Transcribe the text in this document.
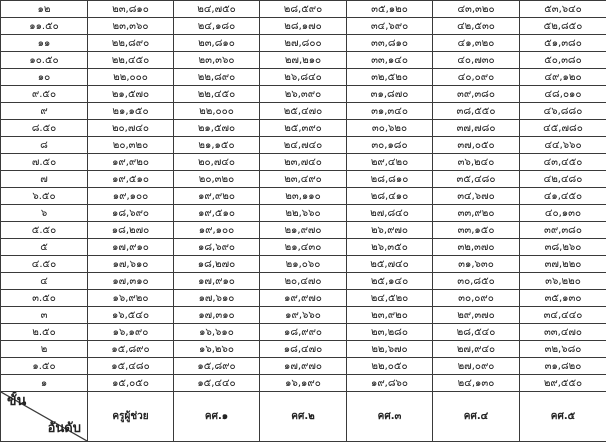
๑๒	๒๓,๘๑๐	๒๔,๗๕๐	๒๘,๕๙๐	๓๕,๑๒๐	๔๓,๓๒๐	๕๓,๖๔๐
๑๑.๕๐	๒๓,๓๖๐	๒๔,๑๘๐	๒๘,๑๗๐	๓๔,๖๙๐	๔๒,๕๓๐	๕๒,๘๕๐
๑๑	๒๒,๘๙๐	๒๓,๘๑๐	๒๗,๘๐๐	๓๓,๘๑๐	๔๑,๓๒๐	๕๑,๓๘๐
๑๐.๕๐	๒๒,๔๕๐	๒๓,๓๖๐	๒๗,๒๑๐	๓๓,๑๔๐	๔๐,๗๓๐	๕๐,๓๘๐
๑๐	๒๒,๐๐๐	๒๒,๘๙๐	๒๖,๘๔๐	๓๒,๕๒๐	๔๐,๐๙๐	๔๙,๑๒๐
๙.๕๐	๒๑,๕๗๐	๒๒,๔๕๐	๒๖,๓๙๐	๓๑,๘๗๐	๓๙,๓๘๐	๔๘,๐๑๐
๙	๒๑,๑๕๐	๒๒,๐๐๐	๒๕,๔๗๐	๓๑,๓๔๐	๓๘,๕๕๐	๔๖,๘๘๐
๘.๕๐	๒๐,๗๔๐	๒๑,๕๗๐	๒๕,๓๙๐	๓๐,๖๒๐	๓๗,๗๘๐	๔๕,๗๘๐
๘	๒๐,๓๒๐	๒๑,๑๕๐	๒๔,๗๔๐	๓๐,๑๘๐	๓๗,๐๕๐	๔๔,๖๖๐
๗.๕๐	๑๙,๙๒๐	๒๐,๗๔๐	๒๓,๗๔๐	๒๙,๔๒๐	๓๖,๒๔๐	๔๓,๔๕๐
๗	๑๙,๕๑๐	๒๐,๓๒๐	๒๓,๔๙๐	๒๘,๘๑๐	๓๕,๔๘๐	๔๒,๔๘๐
๖.๕๐	๑๙,๑๐๐	๑๙,๙๒๐	๒๓,๑๑๐	๒๘,๔๑๐	๓๔,๖๗๐	๔๑,๔๕๐
๖	๑๘,๖๙๐	๑๙,๕๑๐	๒๒,๖๖๐	๒๗,๘๔๐	๓๓,๙๒๐	๔๐,๑๓๐
๕.๕๐	๑๘,๒๗๐	๑๙,๑๐๐	๒๑,๙๗๐	๒๖,๙๗๐	๓๓,๑๕๐	๓๙,๓๘๐
๕	๑๗,๙๑๐	๑๘,๖๙๐	๒๑,๔๓๐	๒๖,๓๕๐	๓๒,๓๗๐	๓๘,๒๖๐
๔.๕๐	๑๗,๖๑๐	๑๘,๒๗๐	๒๑,๐๖๐	๒๕,๗๔๐	๓๑,๖๓๐	๓๗,๒๒๐
๔	๑๗,๓๑๐	๑๗,๙๑๐	๒๐,๔๗๐	๒๕,๑๔๐	๓๐,๘๕๐	๓๖,๒๒๐
๓.๕๐	๑๖,๙๒๐	๑๗,๖๑๐	๑๙,๙๗๐	๒๔,๕๒๐	๓๐,๐๙๐	๓๕,๑๓๐
๓	๑๖,๕๔๐	๑๗,๓๑๐	๑๙,๖๖๐	๒๓,๙๒๐	๒๙,๓๗๐	๓๔,๔๔๐
๒.๕๐	๑๖,๑๙๐	๑๖,๖๑๐	๑๘,๙๙๐	๒๓,๒๘๐	๒๘,๕๔๐	๓๓,๔๗๐
๒	๑๕,๘๙๐	๑๖,๒๖๐	๑๘,๔๗๐	๒๒,๖๗๐	๒๗,๙๔๐	๓๒,๖๘๐
๑.๕๐	๑๕,๔๘๐	๑๕,๘๙๐	๑๗,๙๗๐	๒๒,๐๕๐	๒๗,๐๙๐	๓๑,๘๒๐
๑	๑๕,๐๕๐	๑๕,๔๔๐	๑๖,๑๙๐	๑๙,๘๖๐	๒๔,๑๓๐	๒๙,๕๕๐

ขั้น
อันดับ	ครูผู้ช่วย	คศ.๑	คศ.๒	คศ.๓	คศ.๔	คศ.๕
